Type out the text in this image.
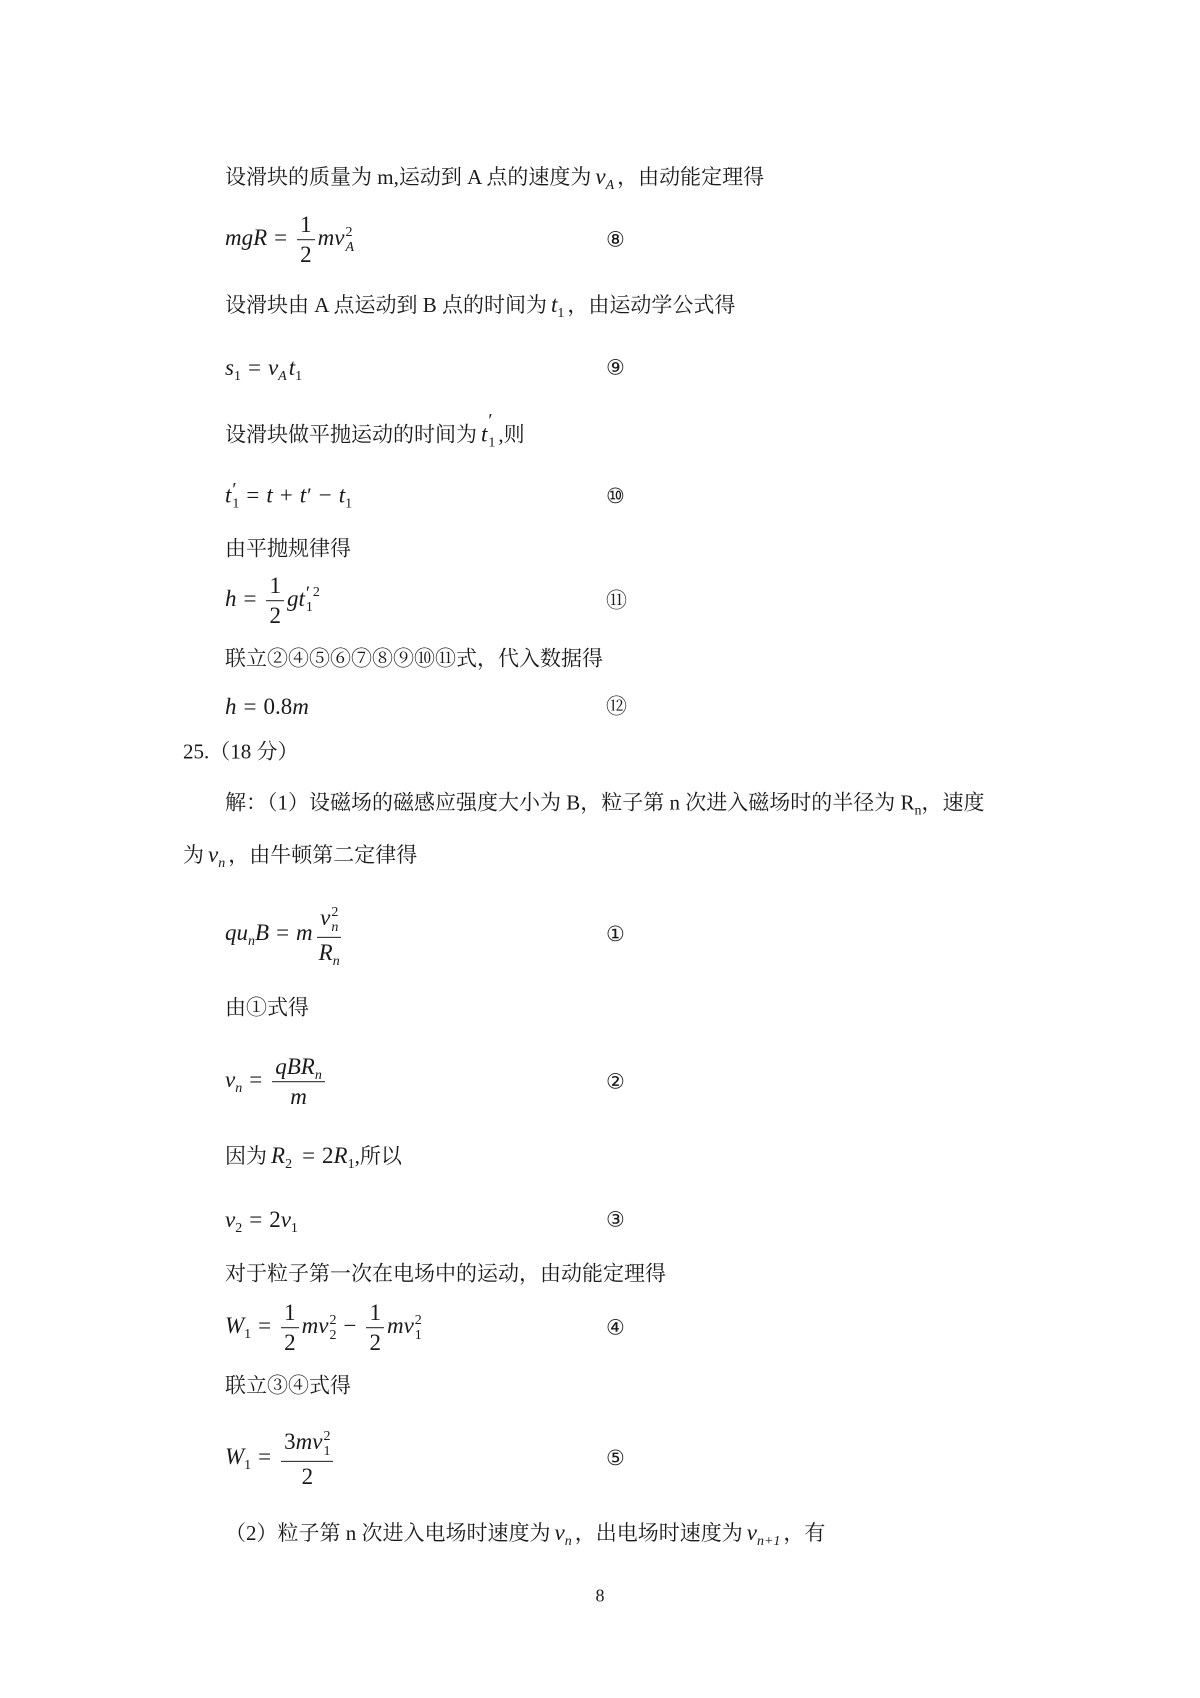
设滑块的质量为 m,运动到 A 点的速度为 $v_A$ ，由动能定理得
mgR = $\frac{1}{2}$ mv 2
A	⑧
设滑块由 A 点运动到 B 点的时间为 $t_1$ ，由运动学公式得
$s_1 = v_At_1$	⑨
设滑块做平抛运动的时间为 t
′
1 ,则
t ′
$1 = t + t' - t_1$	⑩
由平抛规律得
$h = \frac{1}{2}$ gt ′
1
$^2$	⑪
联立②④⑤⑥⑦⑧⑨⑩⑪式，代入数据得
h = 0.8m	⑫
25.（18 分）
解：（1）设磁场的磁感应强度大小为 B，粒子第 n 次进入磁场时的半径为 $R_n$，速度
为 $v_n$ ，由牛顿第二定律得
$qu_nB = m$ v 2
n
$R_n$	①
由①式得
$v_n = \frac{qBR_n}{m}$	②
因为 $R_2 = 2R_1$,所以
$v_2 = 2v_1$	③
对于粒子第一次在电场中的运动，由动能定理得
$W_1 = \frac{1}{2}$ mv 2
$2 - \frac{1}{2}$ mv 2
1	④
联立③④式得
$W_1 = 3mv$ 2
1
2	⑤
（2）粒子第 n 次进入电场时速度为 $v_n$ ，出电场时速度为 $v_{n+1}$ ，有
8
